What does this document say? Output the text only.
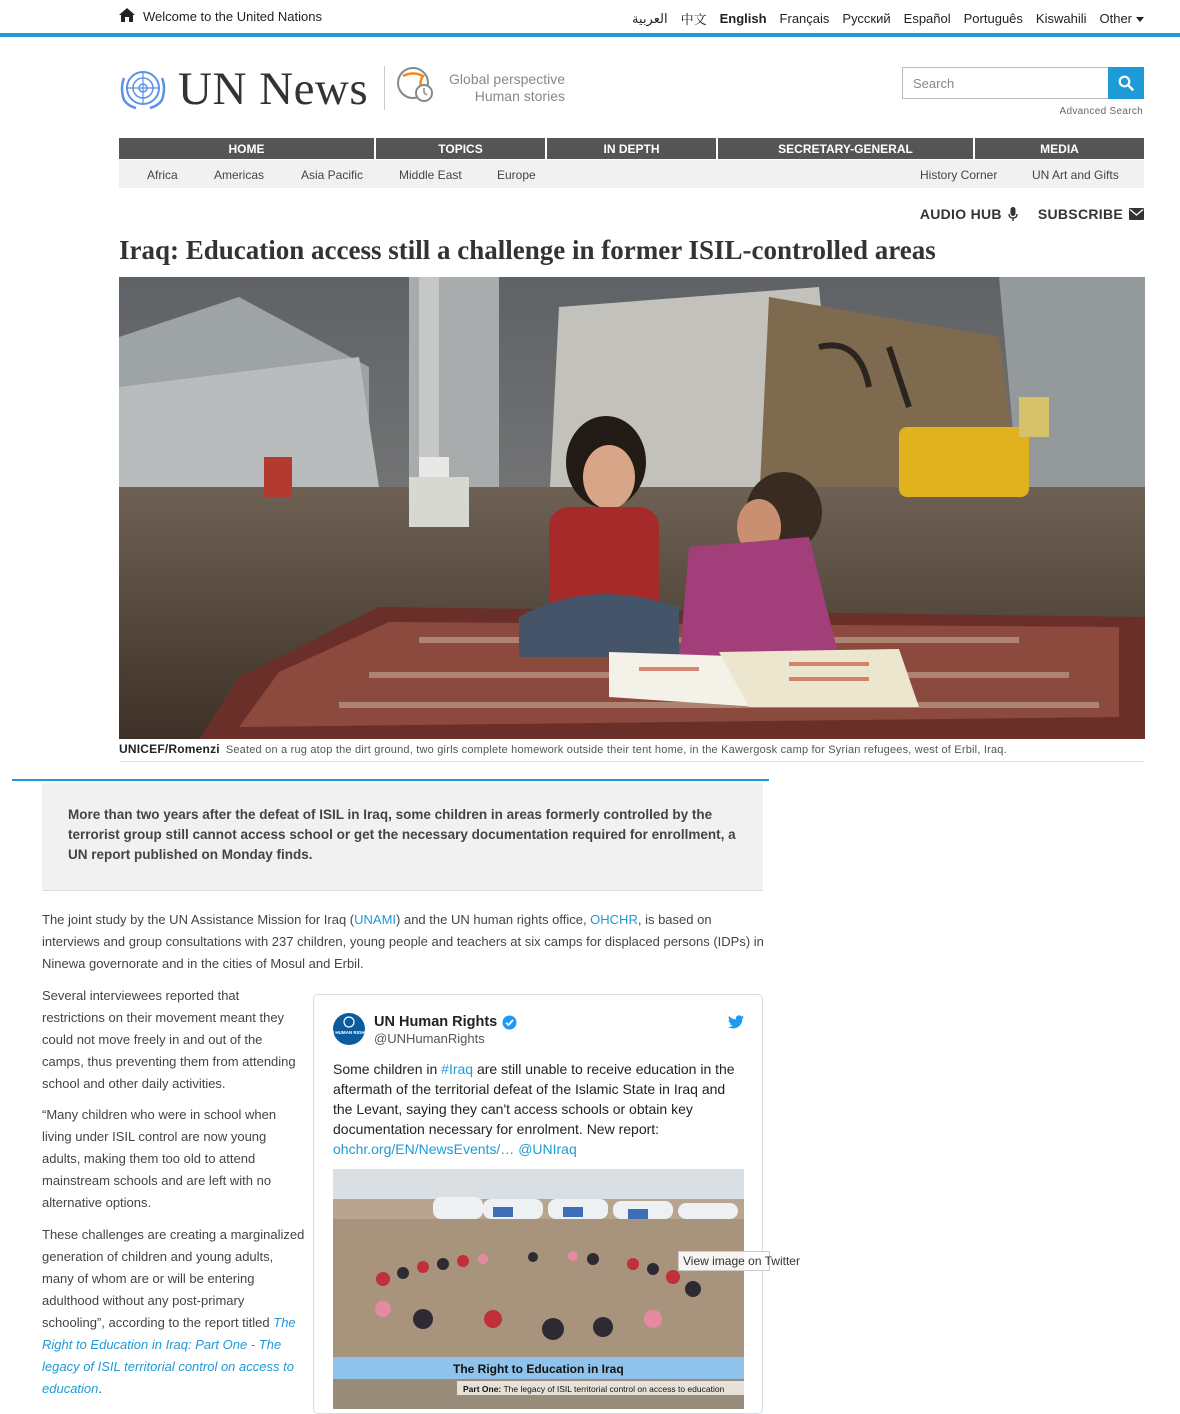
Welcome to the United Nations	العربية 中文 English Français Русский Español Português Kiswahili Other
UN News	Global perspective
Human stories
Search
Advanced Search
HOME	TOPICS	IN DEPTH	SECRETARY-GENERAL	MEDIA
Africa	Americas	Asia Pacific	Middle East	Europe	History Corner	UN Art and Gifts
AUDIO HUB	SUBSCRIBE
Iraq: Education access still a challenge in former ISIL-controlled areas
UNICEF/Romenzi Seated on a rug atop the dirt ground, two girls complete homework outside their tent home, in the Kawergosk camp for Syrian refugees, west of Erbil, Iraq.
More than two years after the defeat of ISIL in Iraq, some children in areas formerly controlled by the terrorist group still cannot access school or get the necessary documentation required for enrollment, a UN report published on Monday finds.

The joint study by the UN Assistance Mission for Iraq (UNAMI) and the UN human rights office, OHCHR, is based on interviews and group consultations with 237 children, young people and teachers at six camps for displaced persons (IDPs) in Ninewa governorate and in the cities of Mosul and Erbil.

Several interviewees reported that restrictions on their movement meant they could not move freely in and out of the camps, thus preventing them from attending school and other daily activities.

“Many children who were in school when living under ISIL control are now young adults, making them too old to attend mainstream schools and are left with no alternative options.

These challenges are creating a marginalized generation of children and young adults, many of whom are or will be entering adulthood without any post-primary schooling”, according to the report titled The Right to Education in Iraq: Part One - The legacy of ISIL territorial control on access to education.

UN HUMAN RIGHTS
UN Human Rights
@UNHumanRights
Some children in #Iraq are still unable to receive education in the aftermath of the territorial defeat of the Islamic State in Iraq and the Levant, saying they can't access schools or obtain key documentation necessary for enrolment. New report:
ohchr.org/EN/NewsEvents/… @UNIraq
The Right to Education in Iraq
Part One: The legacy of ISIL territorial control on access to education
View image on Twitter
